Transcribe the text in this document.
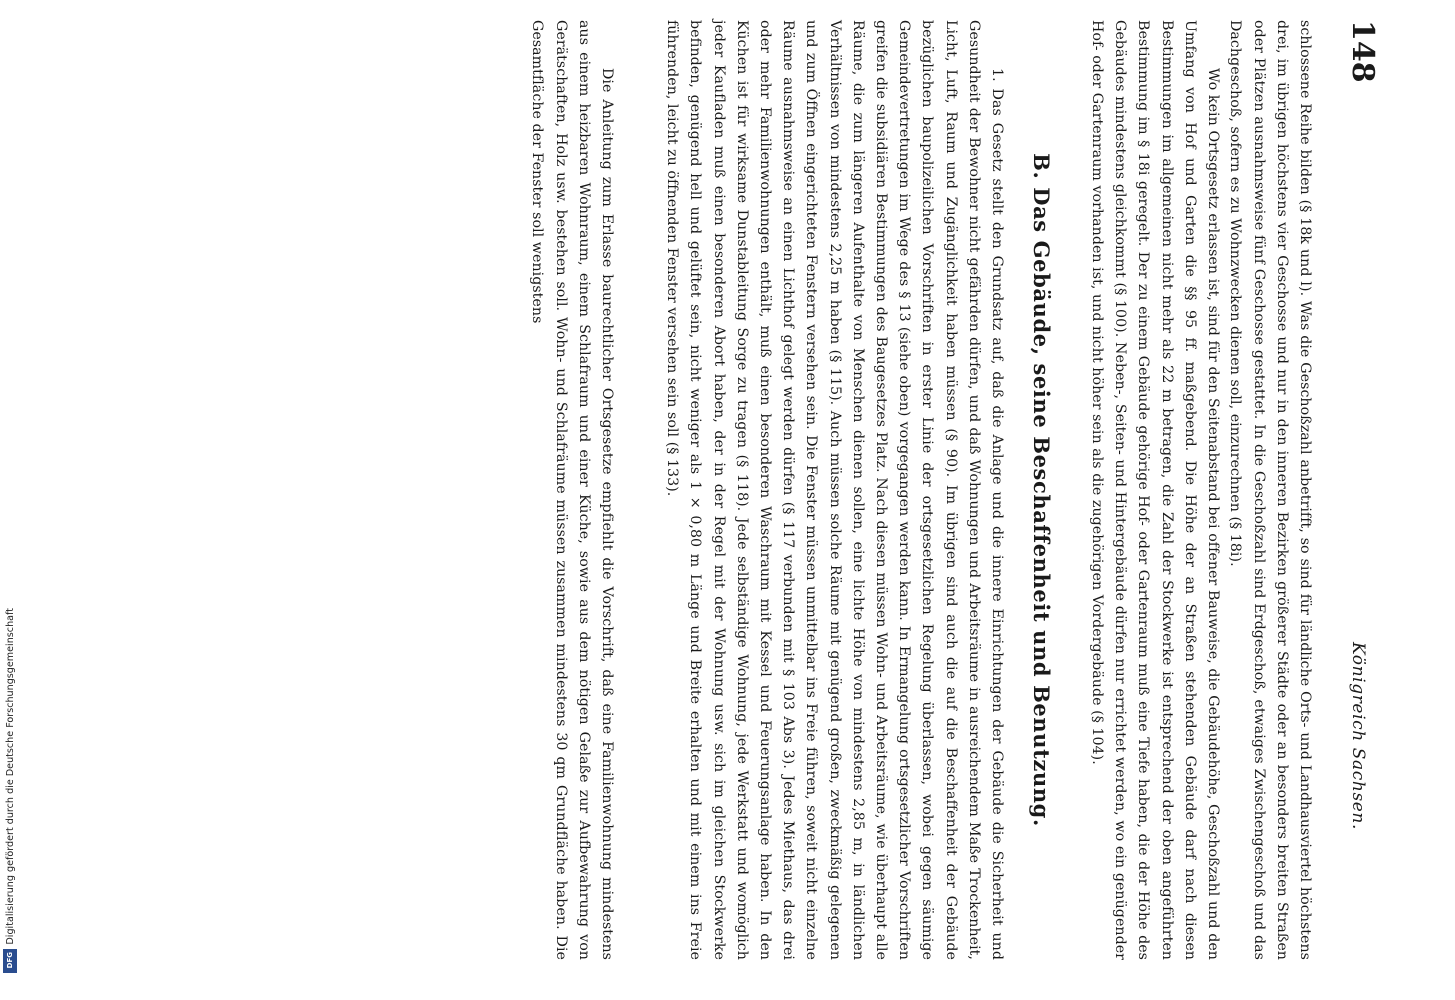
148
Königreich Sachsen.

schlossene Reihe bilden (§ 18k und l). Was die Geschoßzahl anbetrifft, so sind für ländliche Orts- und Landhausviertel höchstens drei, im übrigen höchstens vier Geschosse und nur in den inneren Bezirken größerer Städte oder an besonders breiten Straßen oder Plätzen ausnahmsweise fünf Geschosse gestattet. In die Geschoßzahl sind Erdgeschoß, etwaiges Zwischengeschoß und das Dachgeschoß, sofern es zu Wohnzwecken dienen soll, einzurechnen (§ 18i).

Wo kein Ortsgesetz erlassen ist, sind für den Seitenabstand bei offener Bauweise, die Gebäudehöhe, Geschoßzahl und den Umfang von Hof und Garten die §§ 95 ff. maßgebend. Die Höhe der an Straßen stehenden Gebäude darf nach diesen Bestimmungen im allgemeinen nicht mehr als 22 m betragen, die Zahl der Stockwerke ist entsprechend der oben angeführten Bestimmung im § 18i geregelt. Der zu einem Gebäude gehörige Hof- oder Gartenraum muß eine Tiefe haben, die der Höhe des Gebäudes mindestens gleichkommt (§ 100). Neben-, Seiten- und Hintergebäude dürfen nur errichtet werden, wo ein genügender Hof- oder Gartenraum vorhanden ist, und nicht höher sein als die zugehörigen Vordergebäude (§ 104).

B. Das Gebäude, seine Beschaffenheit und Benutzung.

1. Das Gesetz stellt den Grundsatz auf, daß die Anlage und die innere Einrichtungen der Gebäude die Sicherheit und Gesundheit der Bewohner nicht gefährden dürfen, und daß Wohnungen und Arbeitsräume in ausreichendem Maße Trockenheit, Licht, Luft, Raum und Zugänglichkeit haben müssen (§ 90). Im übrigen sind auch die auf die Beschaffenheit der Gebäude bezüglichen baupolizeilichen Vorschriften in erster Linie der ortsgesetzlichen Regelung überlassen, wobei gegen säumige Gemeindevertretungen im Wege des § 13 (siehe oben) vorgegangen werden kann. In Ermangelung ortsgesetzlicher Vorschriften greifen die subsidiären Bestimmungen des Baugesetzes Platz. Nach diesen müssen Wohn- und Arbeitsräume, wie überhaupt alle Räume, die zum längeren Aufenthalte von Menschen dienen sollen, eine lichte Höhe von mindestens 2,85 m, in ländlichen Verhältnissen von mindestens 2,25 m haben (§ 115). Auch müssen solche Räume mit genügend großen, zweckmäßig gelegenen und zum Öffnen eingerichteten Fenstern versehen sein. Die Fenster müssen unmittelbar ins Freie führen, soweit nicht einzelne Räume ausnahmsweise an einen Lichthof gelegt werden dürfen (§ 117 verbunden mit § 103 Abs 3). Jedes Miethaus, das drei oder mehr Familienwohnungen enthält, muß einen besonderen Waschraum mit Kessel und Feuerungsanlage haben. In den Küchen ist für wirksame Dunstableitung Sorge zu tragen (§ 118). Jede selbständige Wohnung, jede Werkstatt und womöglich jeder Kaufladen muß einen besonderen Abort haben, der in der Regel mit der Wohnung usw. sich im gleichen Stockwerke befinden, genügend hell und gelüftet sein, nicht weniger als 1 × 0,80 m Länge und Breite erhalten und mit einem ins Freie führenden, leicht zu öffnenden Fenster versehen sein soll (§ 133).

Die Anleitung zum Erlasse baurechtlicher Ortsgesetze empfiehlt die Vorschrift, daß eine Familienwohnung mindestens aus einem heizbaren Wohnraum, einem Schlafraum und einer Küche, sowie aus dem nötigen Gelaße zur Aufbewahrung von Gerätschaften, Holz usw. bestehen soll. Wohn- und Schlafräume müssen zusammen mindestens 30 qm Grundfläche haben. Die Gesamtfläche der Fenster soll wenigstens

Digitalisierung gefördert durch die Deutsche Forschungsgemeinschaft
DFG
